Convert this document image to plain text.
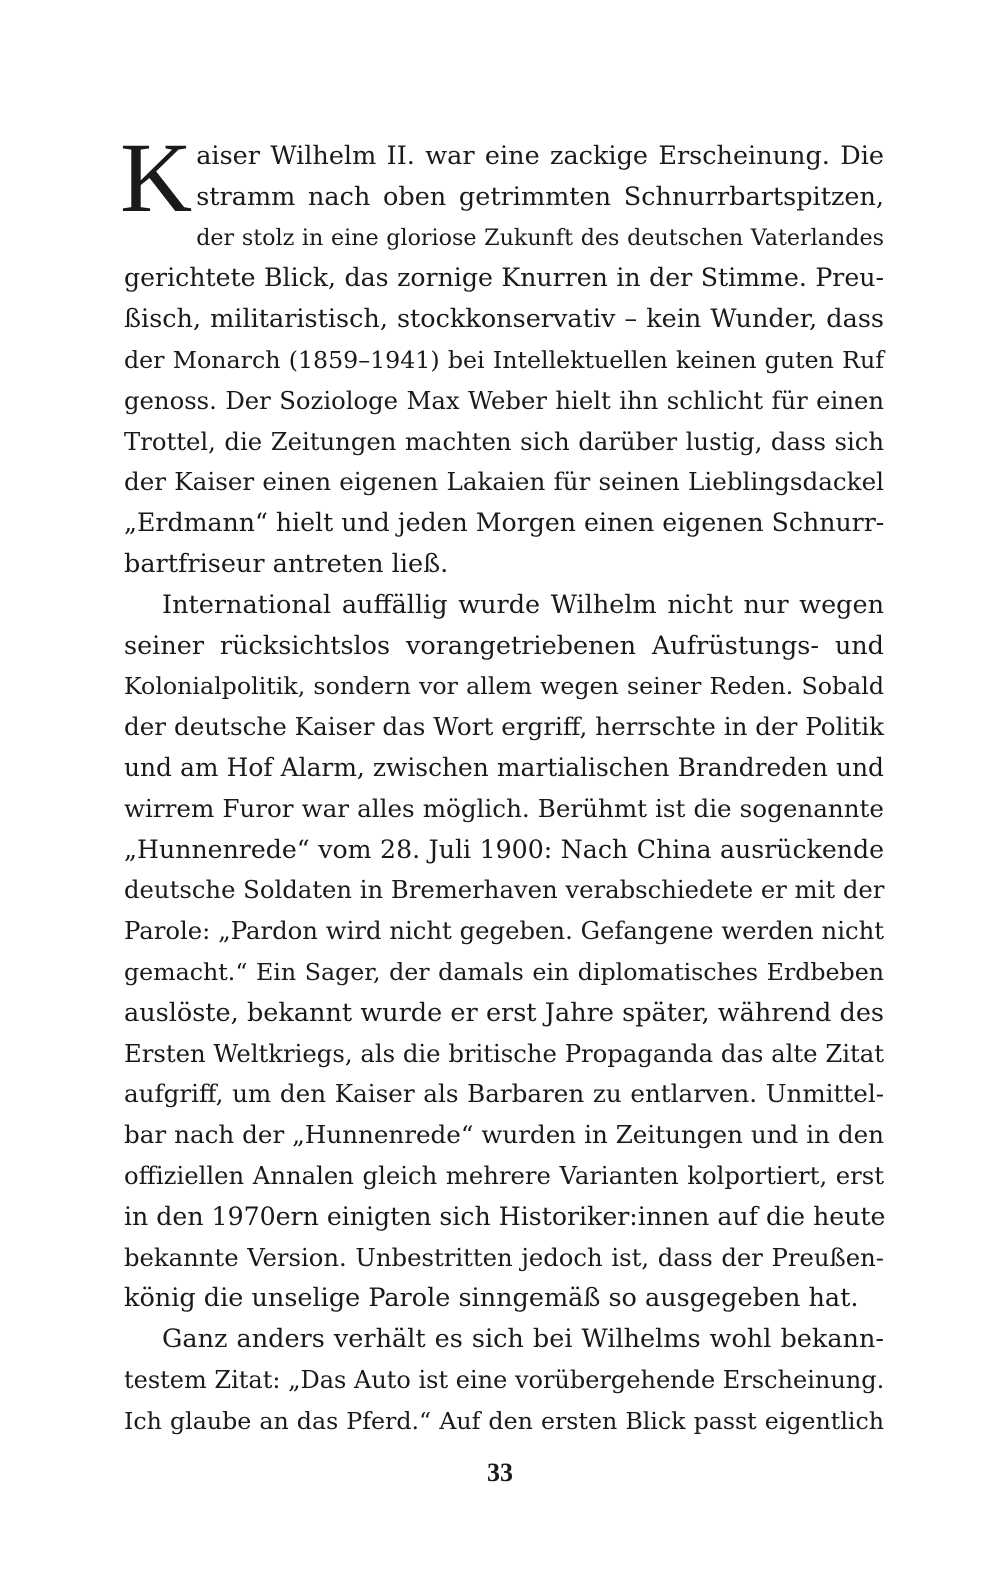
K aiser Wilhelm II. war eine zackige Erscheinung. Die
stramm nach oben getrimmten Schnurrbartspitzen,
der stolz in eine gloriose Zukunft des deutschen Vaterlandes
gerichtete Blick, das zornige Knurren in der Stimme. Preu-
ßisch, militaristisch, stockkonservativ – kein Wunder, dass
der Monarch (1859–1941) bei Intellektuellen keinen guten Ruf
genoss. Der Soziologe Max Weber hielt ihn schlicht für einen
Trottel, die Zeitungen machten sich darüber lustig, dass sich
der Kaiser einen eigenen Lakaien für seinen Lieblingsdackel
„Erdmann“ hielt und jeden Morgen einen eigenen Schnurr-
bartfriseur antreten ließ.

International auffällig wurde Wilhelm nicht nur wegen
seiner rücksichtslos vorangetriebenen Aufrüstungs- und
Kolonialpolitik, sondern vor allem wegen seiner Reden. Sobald
der deutsche Kaiser das Wort ergriff, herrschte in der Politik
und am Hof Alarm, zwischen martialischen Brandreden und
wirrem Furor war alles möglich. Berühmt ist die sogenannte
„Hunnenrede“ vom 28. Juli 1900: Nach China ausrückende
deutsche Soldaten in Bremerhaven verabschiedete er mit der
Parole: „Pardon wird nicht gegeben. Gefangene werden nicht
gemacht.“ Ein Sager, der damals ein diplomatisches Erdbeben
auslöste, bekannt wurde er erst Jahre später, während des
Ersten Weltkriegs, als die britische Propaganda das alte Zitat
aufgriff, um den Kaiser als Barbaren zu entlarven. Unmittel-
bar nach der „Hunnenrede“ wurden in Zeitungen und in den
offiziellen Annalen gleich mehrere Varianten kolportiert, erst
in den 1970ern einigten sich Historiker:innen auf die heute
bekannte Version. Unbestritten jedoch ist, dass der Preußen-
könig die unselige Parole sinngemäß so ausgegeben hat.

Ganz anders verhält es sich bei Wilhelms wohl bekann-
testem Zitat: „Das Auto ist eine vorübergehende Erscheinung.
Ich glaube an das Pferd.“ Auf den ersten Blick passt eigentlich

33
